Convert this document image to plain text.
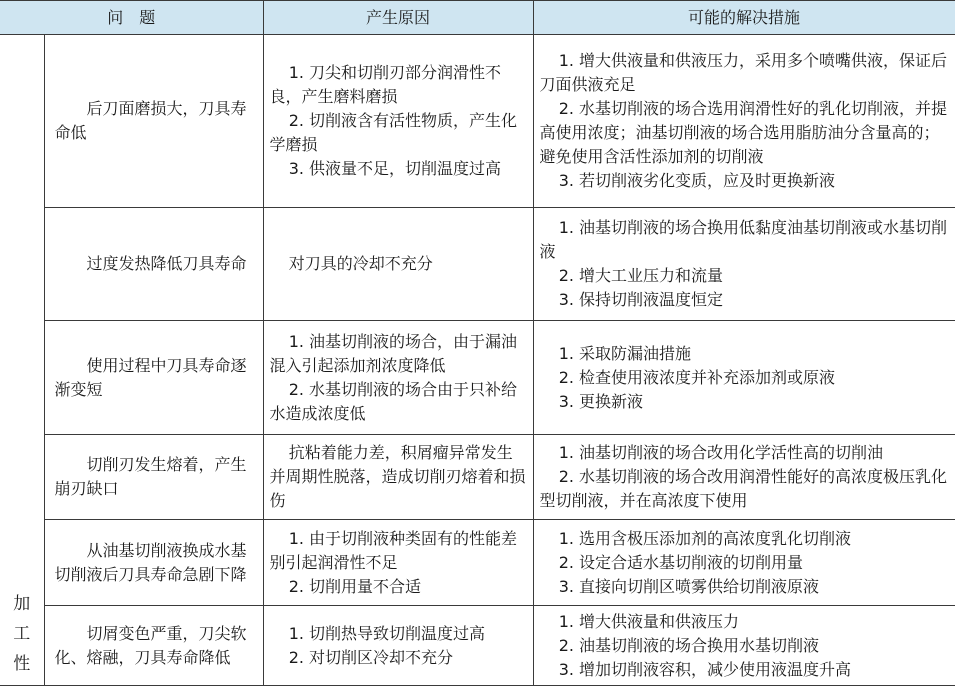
问　题		产生原因	可能的解决措施

加
工
性	后刀面磨损大，刀具寿命低	1. 刀尖和切削刃部分润滑性不良，产生磨料磨损
2. 切削液含有活性物质，产生化学磨损
3. 供液量不足，切削温度过高	1. 增大供液量和供液压力，采用多个喷嘴供液，保证后刀面供液充足
2. 水基切削液的场合选用润滑性好的乳化切削液，并提高使用浓度；油基切削液的场合选用脂肪油分含量高的；避免使用含活性添加剂的切削液
3. 若切削液劣化变质，应及时更换新液

	过度发热降低刀具寿命	对刀具的冷却不充分	1. 油基切削液的场合换用低黏度油基切削液或水基切削液
2. 增大工业压力和流量
3. 保持切削液温度恒定

	使用过程中刀具寿命逐渐变短	1. 油基切削液的场合，由于漏油混入引起添加剂浓度降低
2. 水基切削液的场合由于只补给水造成浓度低	1. 采取防漏油措施
2. 检查使用液浓度并补充添加剂或原液
3. 更换新液

	切削刃发生熔着，产生崩刃缺口	抗粘着能力差，积屑瘤异常发生并周期性脱落，造成切削刃熔着和损伤	1. 油基切削液的场合改用化学活性高的切削油
2. 水基切削液的场合改用润滑性能好的高浓度极压乳化型切削液，并在高浓度下使用

	从油基切削液换成水基切削液后刀具寿命急剧下降	1. 由于切削液种类固有的性能差别引起润滑性不足
2. 切削用量不合适	1. 选用含极压添加剂的高浓度乳化切削液
2. 设定合适水基切削液的切削用量
3. 直接向切削区喷雾供给切削液原液

	切屑变色严重，刀尖软化、熔融，刀具寿命降低	1. 切削热导致切削温度过高
2. 对切削区冷却不充分	1. 增大供液量和供液压力
2. 油基切削液的场合换用水基切削液
3. 增加切削液容积，减少使用液温度升高
